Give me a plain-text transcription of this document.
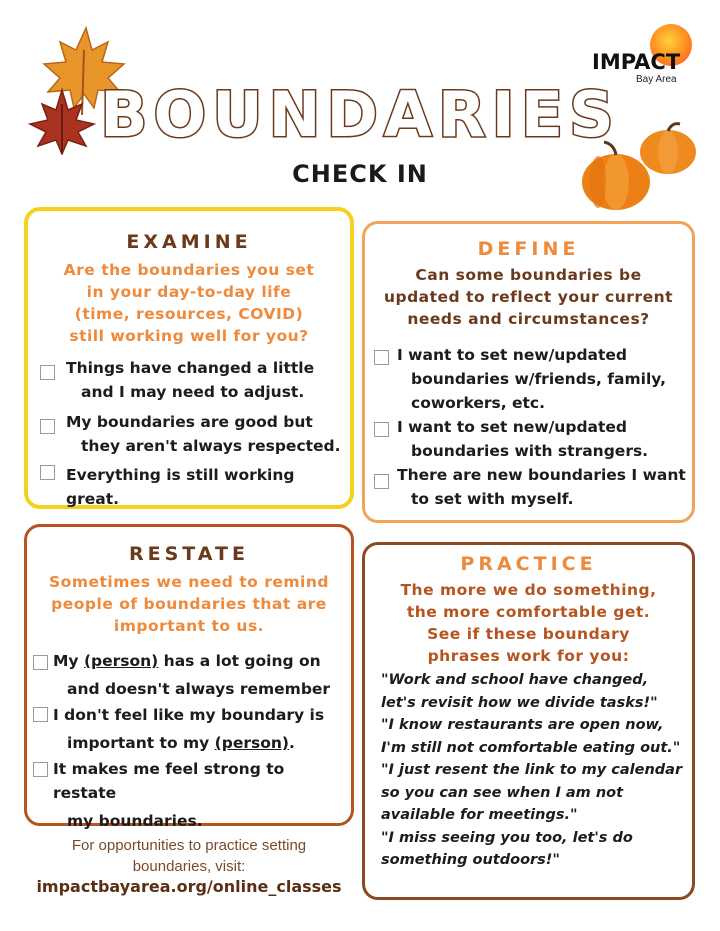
IMPACT
Bay Area
BOUNDARIES
CHECK IN
EXAMINE
Are the boundaries you set
in your day-to-day life
(time, resources, COVID)
still working well for you?
Things have changed a little
and I may need to adjust.
My boundaries are good but
they aren't always respected.
Everything is still working great.
DEFINE
Can some boundaries be
updated to reflect your current
needs and circumstances?
I want to set new/updated
boundaries w/friends, family,
coworkers, etc.
I want to set new/updated
boundaries with strangers.
There are new boundaries I want
to set with myself.
RESTATE
Sometimes we need to remind
people of boundaries that are
important to us.
My (person) has a lot going on
and doesn't always remember
I don't feel like my boundary is
important to my (person).
It makes me feel strong to restate
my boundaries.
PRACTICE
The more we do something,
the more comfortable get.
See if these boundary
phrases work for you:
"Work and school have changed,
let's revisit how we divide tasks!"
"I know restaurants are open now,
I'm still not comfortable eating out."
"I just resent the link to my calendar
so you can see when I am not
available for meetings."
"I miss seeing you too, let's do
something outdoors!"
For opportunities to practice setting
boundaries, visit:
impactbayarea.org/online_classes
